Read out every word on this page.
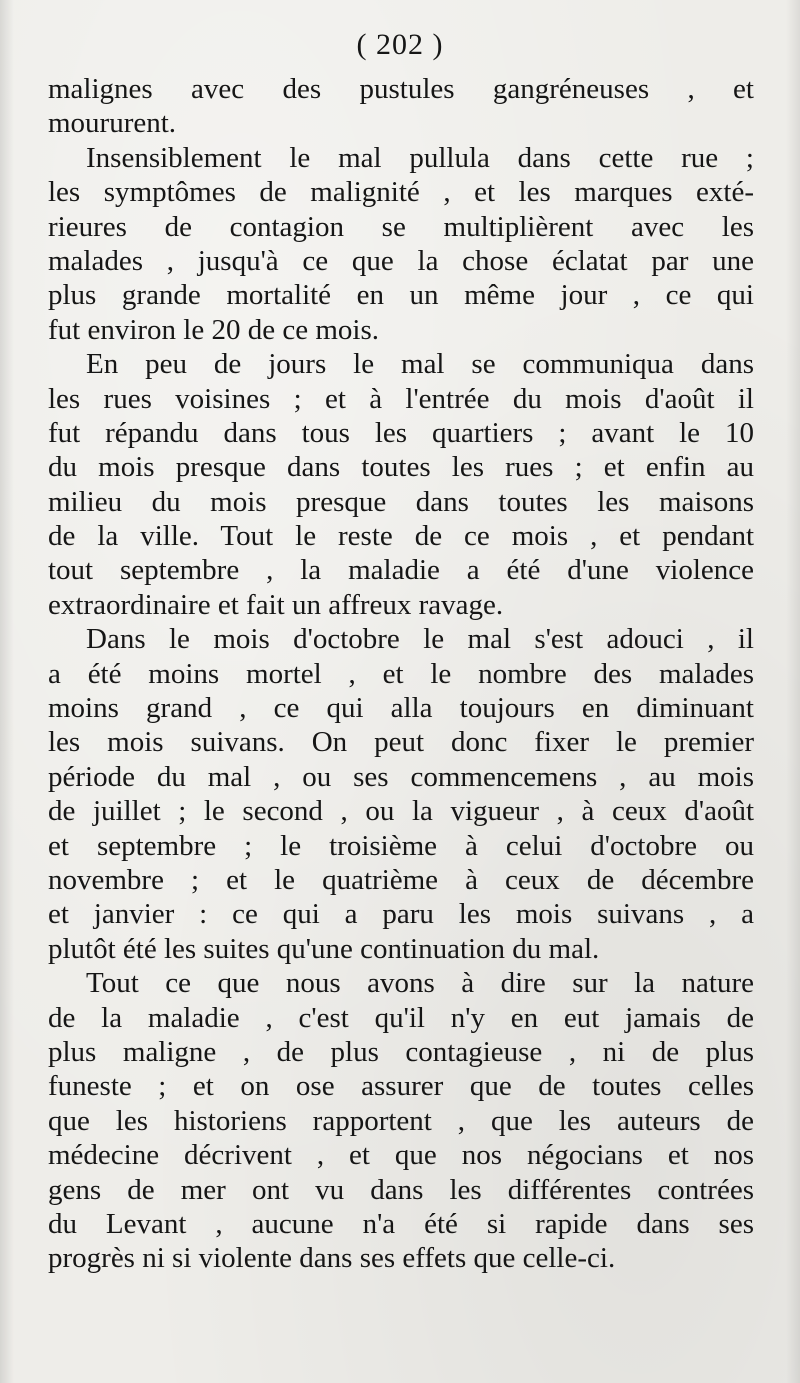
( 202 )
malignes avec des pustules gangréneuses , et
moururent.
Insensiblement le mal pullula dans cette rue ;
les symptômes de malignité , et les marques exté-
rieures de contagion se multiplièrent avec les
malades , jusqu'à ce que la chose éclatat par une
plus grande mortalité en un même jour , ce qui
fut environ le 20 de ce mois.
En peu de jours le mal se communiqua dans
les rues voisines ; et à l'entrée du mois d'août il
fut répandu dans tous les quartiers ; avant le 10
du mois presque dans toutes les rues ; et enfin au
milieu du mois presque dans toutes les maisons
de la ville. Tout le reste de ce mois , et pendant
tout septembre , la maladie a été d'une violence
extraordinaire et fait un affreux ravage.
Dans le mois d'octobre le mal s'est adouci , il
a été moins mortel , et le nombre des malades
moins grand , ce qui alla toujours en diminuant
les mois suivans. On peut donc fixer le premier
période du mal , ou ses commencemens , au mois
de juillet ; le second , ou la vigueur , à ceux d'août
et septembre ; le troisième à celui d'octobre ou
novembre ; et le quatrième à ceux de décembre
et janvier : ce qui a paru les mois suivans , a
plutôt été les suites qu'une continuation du mal.
Tout ce que nous avons à dire sur la nature
de la maladie , c'est qu'il n'y en eut jamais de
plus maligne , de plus contagieuse , ni de plus
funeste ; et on ose assurer que de toutes celles
que les historiens rapportent , que les auteurs de
médecine décrivent , et que nos négocians et nos
gens de mer ont vu dans les différentes contrées
du Levant , aucune n'a été si rapide dans ses
progrès ni si violente dans ses effets que celle-ci.
